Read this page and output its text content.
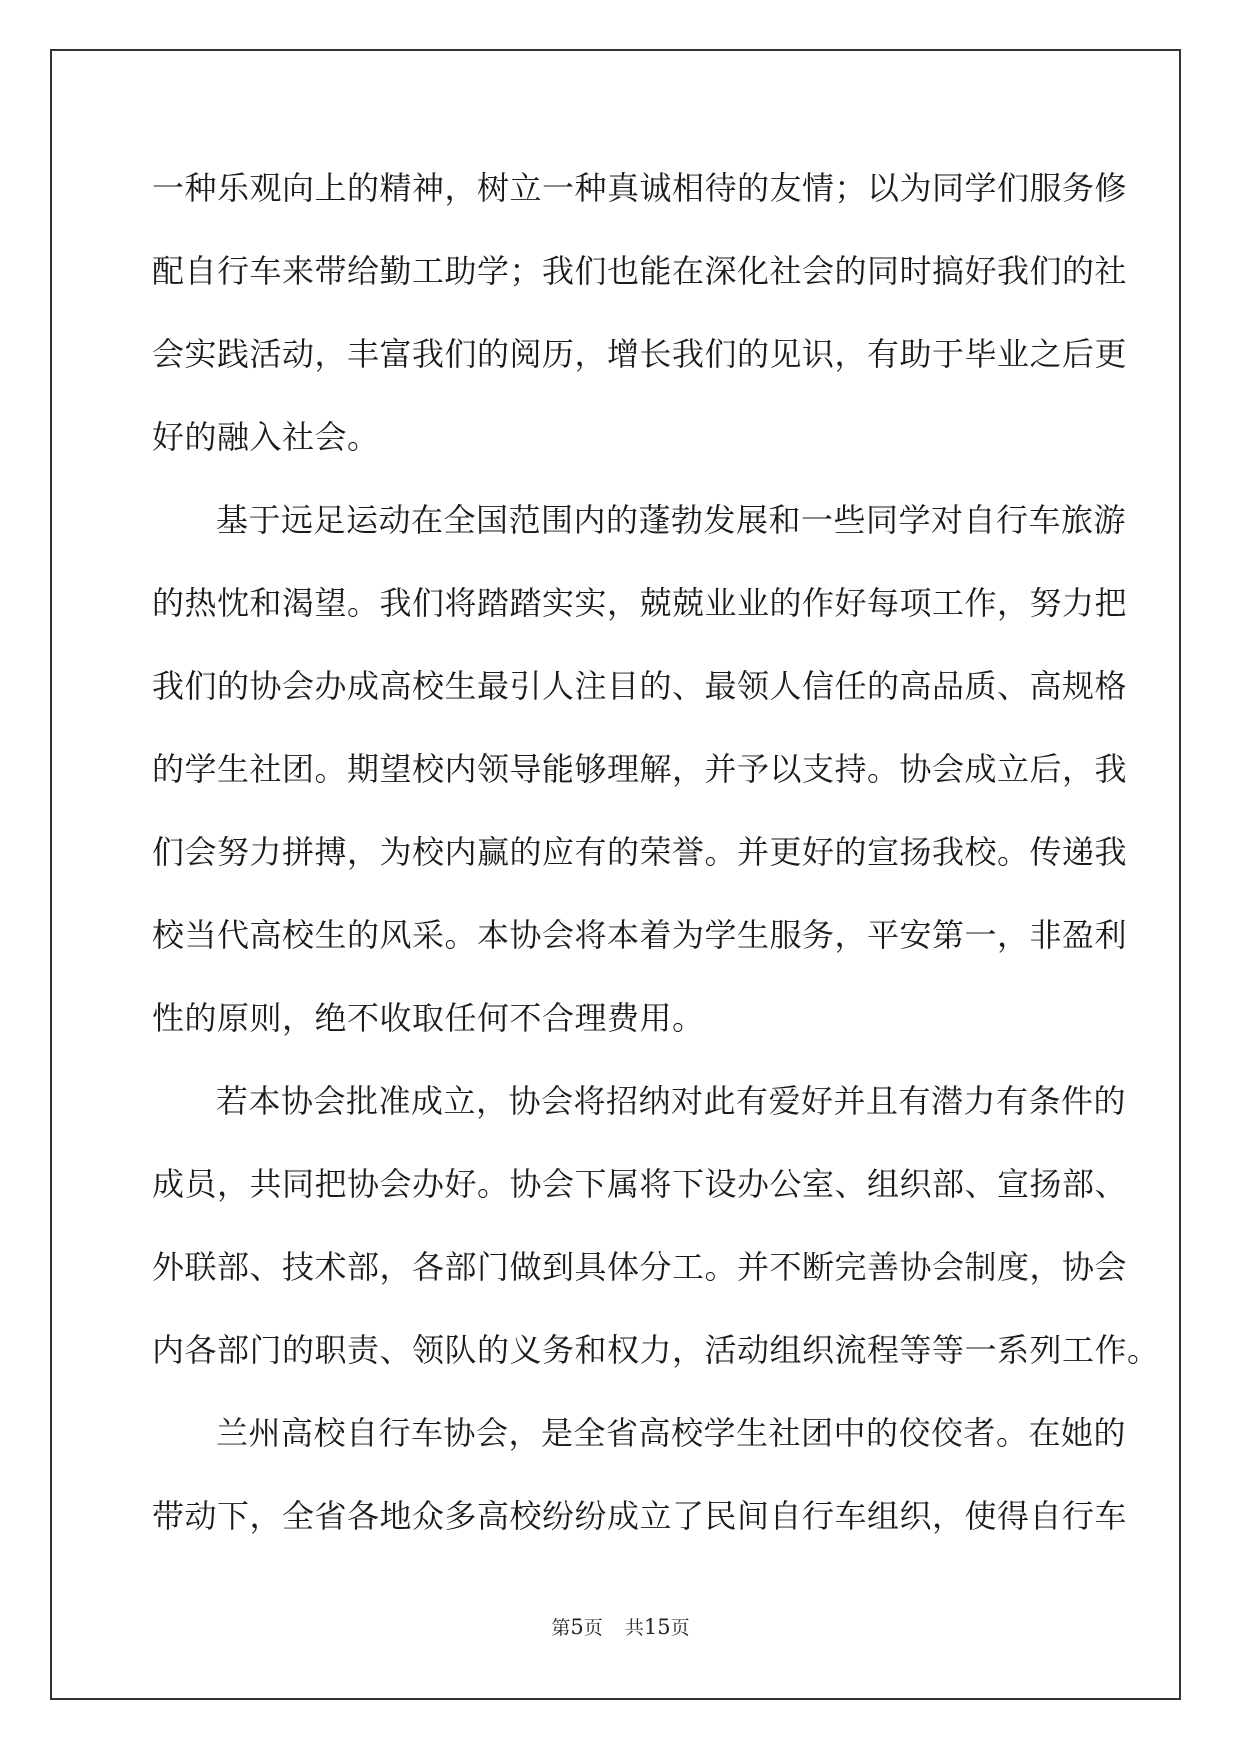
一种乐观向上的精神，树立一种真诚相待的友情；以为同学们服务修

配自行车来带给勤工助学；我们也能在深化社会的同时搞好我们的社

会实践活动，丰富我们的阅历，增长我们的见识，有助于毕业之后更

好的融入社会。

基于远足运动在全国范围内的蓬勃发展和一些同学对自行车旅游

的热忱和渴望。我们将踏踏实实，兢兢业业的作好每项工作，努力把

我们的协会办成高校生最引人注目的、最领人信任的高品质、高规格

的学生社团。期望校内领导能够理解，并予以支持。协会成立后，我

们会努力拼搏，为校内赢的应有的荣誉。并更好的宣扬我校。传递我

校当代高校生的风采。本协会将本着为学生服务，平安第一，非盈利

性的原则，绝不收取任何不合理费用。

若本协会批准成立，协会将招纳对此有爱好并且有潜力有条件的

成员，共同把协会办好。协会下属将下设办公室、组织部、宣扬部、

外联部、技术部，各部门做到具体分工。并不断完善协会制度，协会

内各部门的职责、领队的义务和权力，活动组织流程等等一系列工作。

兰州高校自行车协会，是全省高校学生社团中的佼佼者。在她的

带动下，全省各地众多高校纷纷成立了民间自行车组织，使得自行车

第5页 共15页
